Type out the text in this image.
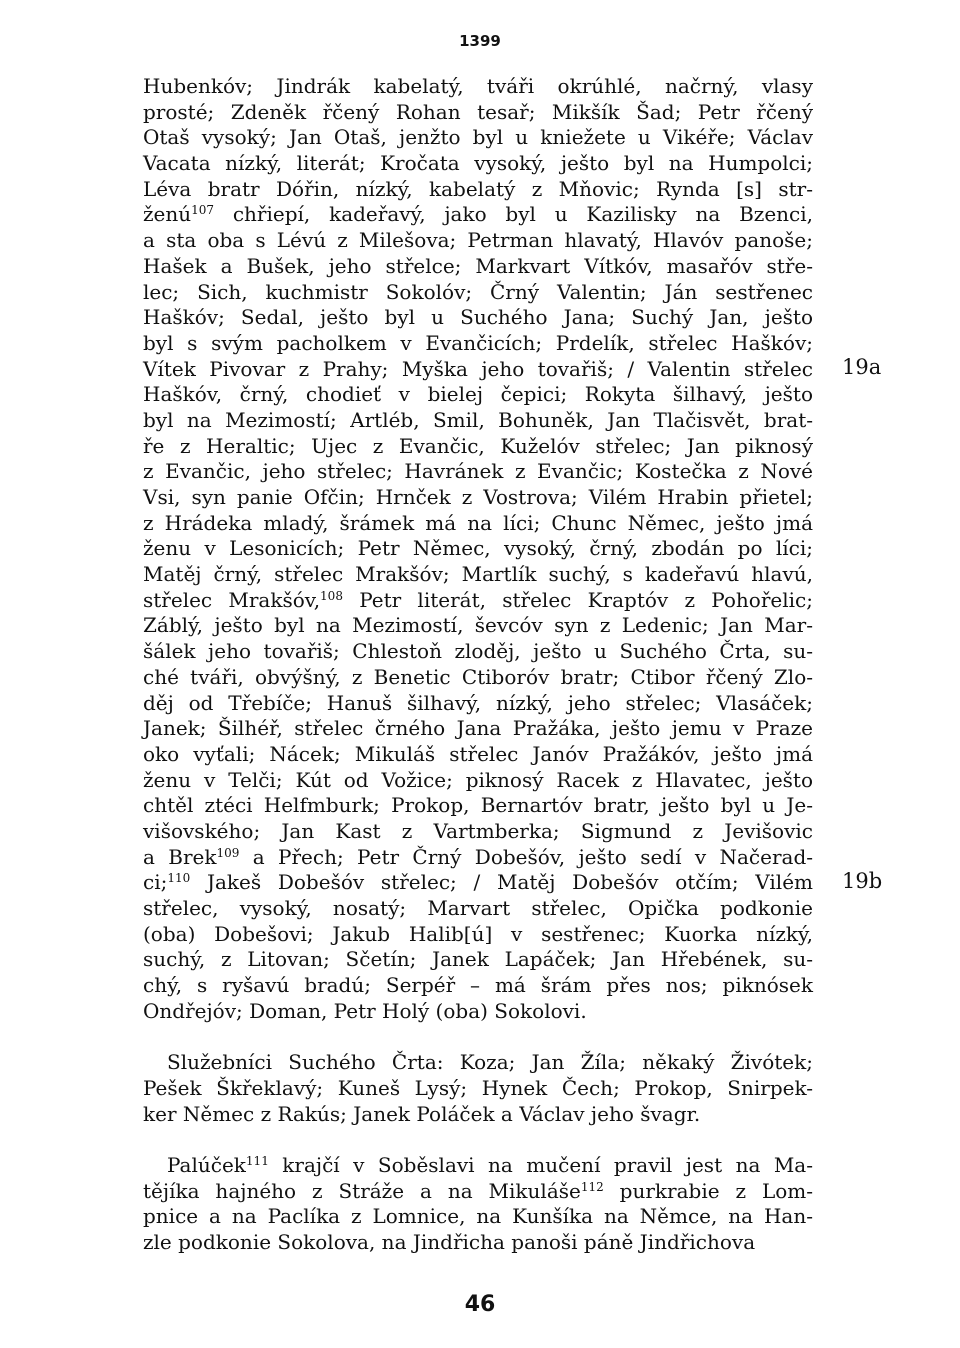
1399
Hubenkóv; Jindrák kabelatý, tváři okrúhlé, načrný, vlasy
prosté; Zdeněk řčený Rohan tesař; Mikšík Šad; Petr řčený
Otaš vysoký; Jan Otaš, jenžto byl u kniežete u Vikéře; Václav
Vacata nízký, literát; Kročata vysoký, ješto byl na Humpolci;
Léva bratr Dóřin, nízký, kabelatý z Mňovic; Rynda [s] str-
ženú$^{107}$ chřiepí, kadeřavý, jako byl u Kazilisky na Bzenci,
a sta oba s Lévú z Milešova; Petrman hlavatý, Hlavóv panoše;
Hašek a Bušek, jeho střelce; Markvart Vítkóv, masařóv stře-
lec; Sich, kuchmistr Sokolóv; Črný Valentin; Ján sestřenec
Haškóv; Sedal, ješto byl u Suchého Jana; Suchý Jan, ješto
byl s svým pacholkem v Evančicích; Prdelík, střelec Haškóv;
Vítek Pivovar z Prahy; Myška jeho tovařiš; / Valentin střelec
Haškóv, črný, chodieť v bielej čepici; Rokyta šilhavý, ješto
byl na Mezimostí; Artléb, Smil, Bohuněk, Jan Tlačisvět, brat-
ře z Heraltic; Ujec z Evančic, Kuželóv střelec; Jan piknosý
z Evančic, jeho střelec; Havránek z Evančic; Kostečka z Nové
Vsi, syn panie Ofčin; Hrnček z Vostrova; Vilém Hrabin přietel;
z Hrádeka mladý, šrámek má na líci; Chunc Němec, ješto jmá
ženu v Lesonicích; Petr Němec, vysoký, črný, zbodán po líci;
Matěj črný, střelec Mrakšóv; Martlík suchý, s kadeřavú hlavú,
střelec Mrakšóv,$^{108}$ Petr literát, střelec Kraptóv z Pohořelic;
Záblý, ješto byl na Mezimostí, ševcóv syn z Ledenic; Jan Mar-
šálek jeho tovařiš; Chlestoň zloděj, ješto u Suchého Črta, su-
ché tváři, obvýšný, z Benetic Ctiboróv bratr; Ctibor řčený Zlo-
děj od Třebíče; Hanuš šilhavý, nízký, jeho střelec; Vlasáček;
Janek; Šilhéř, střelec črného Jana Pražáka, ješto jemu v Praze
oko vyťali; Nácek; Mikuláš střelec Janóv Pražákóv, ješto jmá
ženu v Telči; Kút od Vožice; piknosý Racek z Hlavatec, ješto
chtěl ztéci Helfmburk; Prokop, Bernartóv bratr, ješto byl u Je-
višovského; Jan Kast z Vartmberka; Sigmund z Jevišovic
a Brek$^{109}$ a Přech; Petr Črný Dobešóv, ješto sedí v Načerad-
ci;$^{110}$ Jakeš Dobešóv střelec; / Matěj Dobešóv otčím; Vilém
střelec, vysoký, nosatý; Marvart střelec, Opička podkonie
(oba) Dobešovi; Jakub Halib[ú] v sestřenec; Kuorka nízký,
suchý, z Litovan; Sčetín; Janek Lapáček; Jan Hřebének, su-
chý, s ryšavú bradú; Serpéř – má šrám přes nos; piknósek
Ondřejóv; Doman, Petr Holý (oba) Sokolovi.
Služebníci Suchého Črta: Koza; Jan Žíla; někaký Živótek;
Pešek Škřeklavý; Kuneš Lysý; Hynek Čech; Prokop, Snirpek-
ker Němec z Rakús; Janek Poláček a Václav jeho švagr.
Palúček$^{111}$ krajčí v Soběslavi na mučení pravil jest na Ma-
tějíka hajného z Stráže a na Mikuláše$^{112}$ purkrabie z Lom-
pnice a na Paclíka z Lomnice, na Kunšíka na Němce, na Han-
zle podkonie Sokolova, na Jindřicha panoši páně Jindřichova
19a
19b
46
